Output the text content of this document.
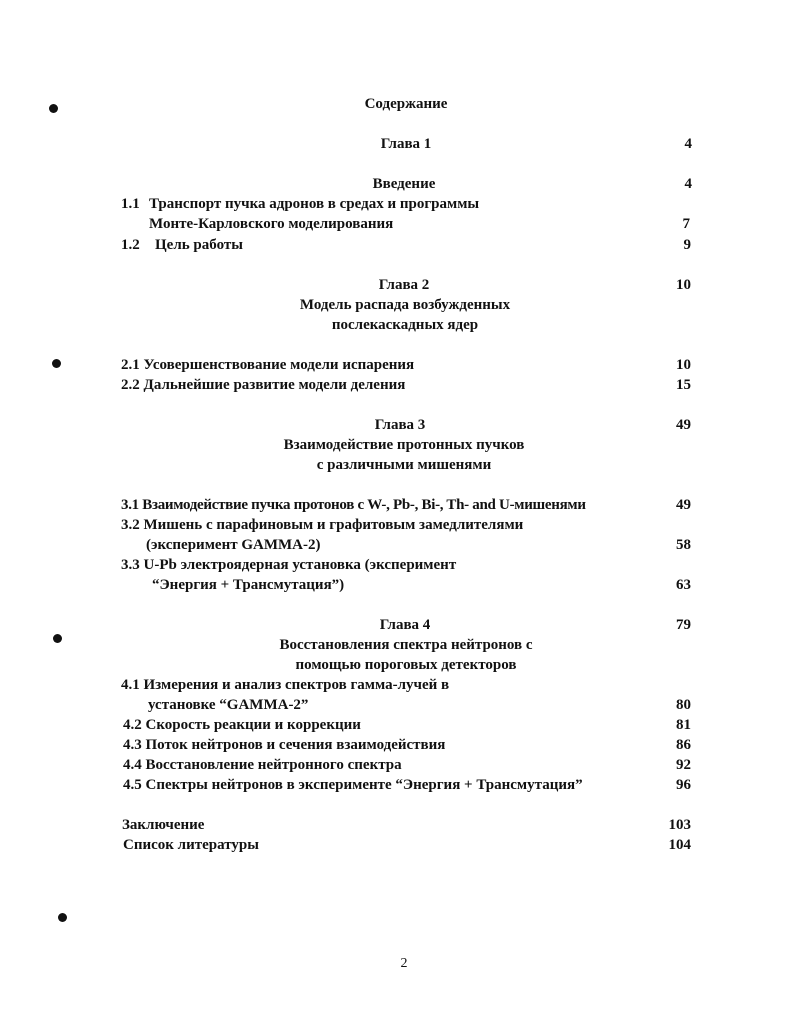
Содержание
Глава 1	4
Введение	4
1.1 Транспорт пучка адронов в средах и программы
Монте-Карловского моделирования	7
1.2 Цель работы	9
Глава 2	10
Модель распада возбужденных
послекаскадных ядер
2.1 Усовершенствование модели испарения	10
2.2 Дальнейшие развитие модели деления	15
Глава 3	49
Взаимодействие протонных пучков
с различными мишенями
3.1 Взаимодействие пучка протонов с W-, Pb-, Bi-, Th- and U-мишенями	49
3.2 Мишень с парафиновым и графитовым замедлителями
(эксперимент GAMMA-2)	58
3.3 U-Pb электроядерная установка (эксперимент
“Энергия + Трансмутация”)	63
Глава 4	79
Восстановления спектра нейтронов с
помощью пороговых детекторов
4.1 Измерения и анализ спектров гамма-лучей в
установке “GAMMA-2”	80
4.2 Скорость реакции и коррекции	81
4.3 Поток нейтронов и сечения взаимодействия	86
4.4 Восстановление нейтронного спектра	92
4.5 Спектры нейтронов в эксперименте “Энергия + Трансмутация”	96
Заключение	103
Список литературы	104
2
